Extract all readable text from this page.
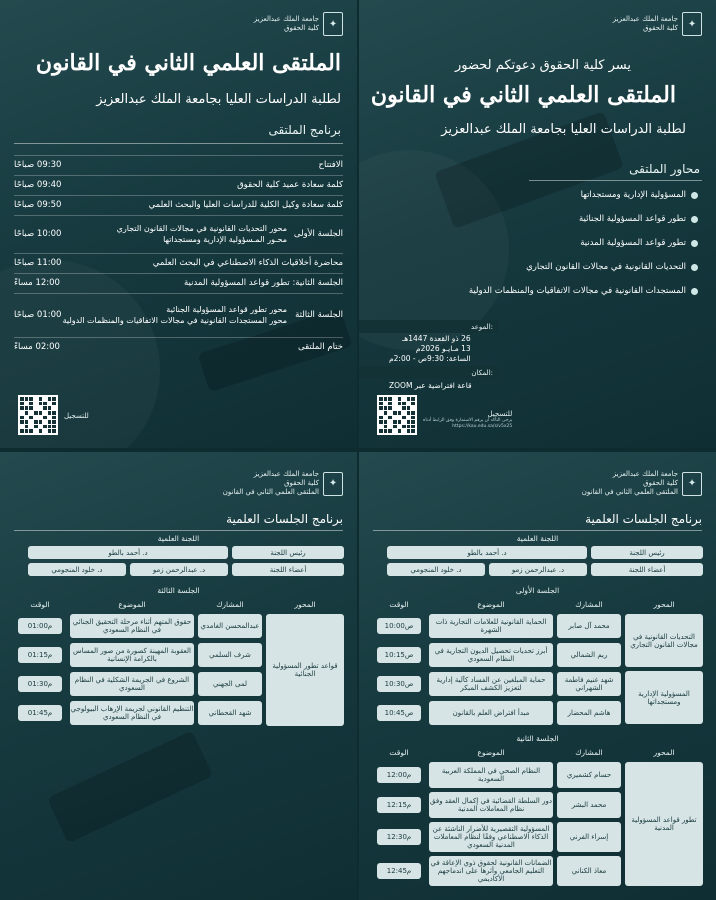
✦
جامعة الملك عبدالعزيز
كلية الحقوق
الملتقى العلمي الثاني في القانون
لطلبة الدراسات العليا بجامعة الملك عبدالعزيز
برنامج الملتقى
الافتتاح
09:30 صباحًا
كلمة سعادة عميد كلية الحقوق
09:40 صباحًا
كلمة سعادة وكيل الكلية للدراسات العليا والبحث العلمي
09:50 صباحًا
الجلسة الأولى
محور التحديات القانونية في مجالات القانون التجاري
محـور المـسؤولية الإدارية ومستجداتها
10:00 صباحًا
محاضرة أخلاقيات الذكاء الاصطناعي في البحث العلمي
11:00 صباحًا
الجلسة الثانية: تطور قواعد المسؤولية المدنية
12:00 مساءً
الجلسة الثالثة
محور تطور قواعد المسؤولية الجنائية
محور المستجدات القانونية في مجالات الاتفاقيات والمنظمات الدولية
01:00 صباحًا
ختام الملتقى
02:00 مساءً
للتسجيل
✦
جامعة الملك عبدالعزيز
كلية الحقوق
يسر كلية الحقوق دعوتكم لحضور
الملتقى العلمي الثاني في القانون
لطلبة الدراسات العليا بجامعة الملك عبدالعزيز
محاور الملتقى
المسؤولية الإدارية ومستجداتها
تطور قواعد المسؤولية الجنائية
تطور قواعد المسؤولية المدنية
التحديات القانونية في مجالات القانون التجاري
المستجدات القانونية في مجالات الاتفاقيات والمنظمات الدولية
الموعد:
26 ذو القعدة 1447هـ
13 مـايـو 2026م
الساعة: 9:30ص - 2:00م
المكان:
قاعة افتراضية عبر ZOOM
للتسجيل
يرجى التأكد أن يرقم الاستمارة وفق الرابط أدناه
https://kau.edu.sa/s/v5x25
✦
جامعة الملك عبدالعزيز
كلية الحقوق
الملتقى العلمي الثاني في القانون
برنامج الجلسات العلمية
اللجنة العلمية
رئيس اللجنة
د. أحمد بالطو
أعضاء اللجنة
د. عبدالرحمن زمو
د. خلود المنجومي
الجلسة الثالثة
المحور
المشارك
الموضوع
الوقت
قواعد تطور المسؤولية الجنائية
عبدالمحسن الغامدي
حقوق المتهم أثناء مرحلة التحقيق الجنائي في النظام السعودي
01:00م
شرف السلمي
العقوبة المهينة كصورة من صور المساس بالكرامة الإنسانية
01:15م
لمى الجهني
الشروع في الجريمة الشكلية في النظام السعودي
01:30م
شهد القحطاني
التنظيم القانوني لجريمة الإرهاب البيولوجي في النظام السعودي
01:45م
✦
جامعة الملك عبدالعزيز
كلية الحقوق
الملتقى العلمي الثاني في القانون
برنامج الجلسات العلمية
اللجنة العلمية
رئيس اللجنة
د. أحمد بالطو
أعضاء اللجنة
د. عبدالرحمن زمو
د. خلود المنجومي
الجلسة الأولى
المحور
المشارك
الموضوع
الوقت
التحديات القانونية في مجالات القانون التجاري
المسؤولية الإدارية ومستجداتها
محمد آل صابر
الحماية القانونية للعلامات التجارية ذات الشهرة
10:00ص
ريم الشمالي
أبرز تحديات تحصيل الديون التجارية في النظام السعودي
10:15ص
شهد غنيم فاطمة الشهراني
حماية المبلغين عن الفساد كآلية إدارية لتعزيز الكشف المبكر
10:30ص
هاشم المحضار
مبدأ افتراض العلم بالقانون
10:45ص
الجلسة الثانية
المحور
المشارك
الموضوع
الوقت
تطور قواعد المسؤولية المدنية
حسام كشميري
النظام الصحي في المملكة العربية السعودية
12:00م
محمد البشر
دور السلطة القضائية في إكمال العقد وفق نظام المعاملات المدنية
12:15م
إسراء الفرني
المسؤولية التقصيرية للأضرار الناشئة عن الذكاء الاصطناعي وفقًا لنظام المعاملات المدنية السعودي
12:30م
معاذ الكناني
الضمانات القانونية لحقوق ذوي الإعاقة في التعليم الجامعي وأثرها على اندماجهم الأكاديمي
12:45م
